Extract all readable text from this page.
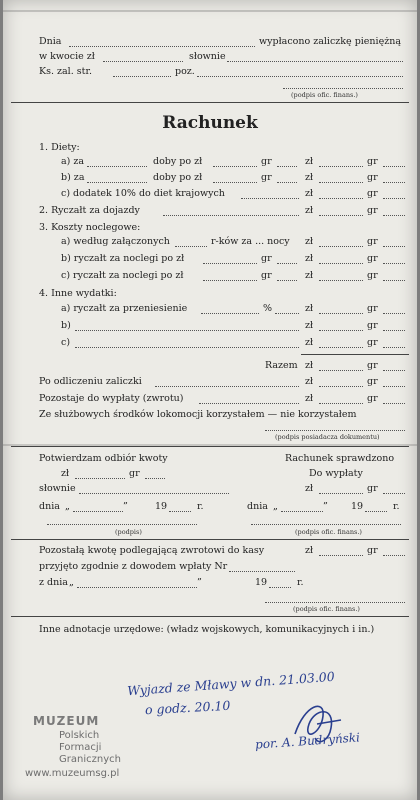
Dnia	wypłacono zaliczkę pieniężną
w kwocie zł	słownie
Ks. zal. str.	poz.
(podpis ofic. finans.)
Rachunek
1. Diety:
a) za	doby po zł	gr	zł	gr
b) za	doby po zł	gr	zł	gr
c) dodatek 10% do diet krajowych	zł	gr
2. Ryczałt za dojazdy	zł	gr
3. Koszty noclegowe:
a) według załączonych	r-ków za ... nocy zł	gr
b) ryczałt za noclegi po zł	gr	zł	gr
c) ryczałt za noclegi po zł	gr	zł	gr
4. Inne wydatki:
a) ryczałt za przeniesienie	%	zł	gr
b)	zł	gr
c)	zł	gr
Razem zł	gr
Po odliczeniu zaliczki	zł	gr
Pozostaje do wypłaty (zwrotu)	zł	gr
Ze służbowych środków lokomocji korzystałem — nie korzystałem
(podpis posiadacza dokumentu)
Potwierdzam odbiór kwoty	Rachunek sprawdzono
zł	gr	Do wypłaty
słownie	zł	gr
dnia „	”	19	r.	dnia „	” 19	r.
(podpis)	(podpis ofic. finans.)
Pozostałą kwotę podlegającą zwrotowi do kasy	zł	gr
przyjęto zgodnie z dowodem wpłaty Nr
z dnia „	”	19	r.
(podpis ofic. finans.)
Inne adnotacje urzędowe: (władz wojskowych, komunikacyjnych i in.)
Wyjazd ze Mławy w dn. 21.03.00
o godz. 20.10
por. A. Budryński
MUZEUM
Polskich
Formacji
Granicznych
www.muzeumsg.pl
